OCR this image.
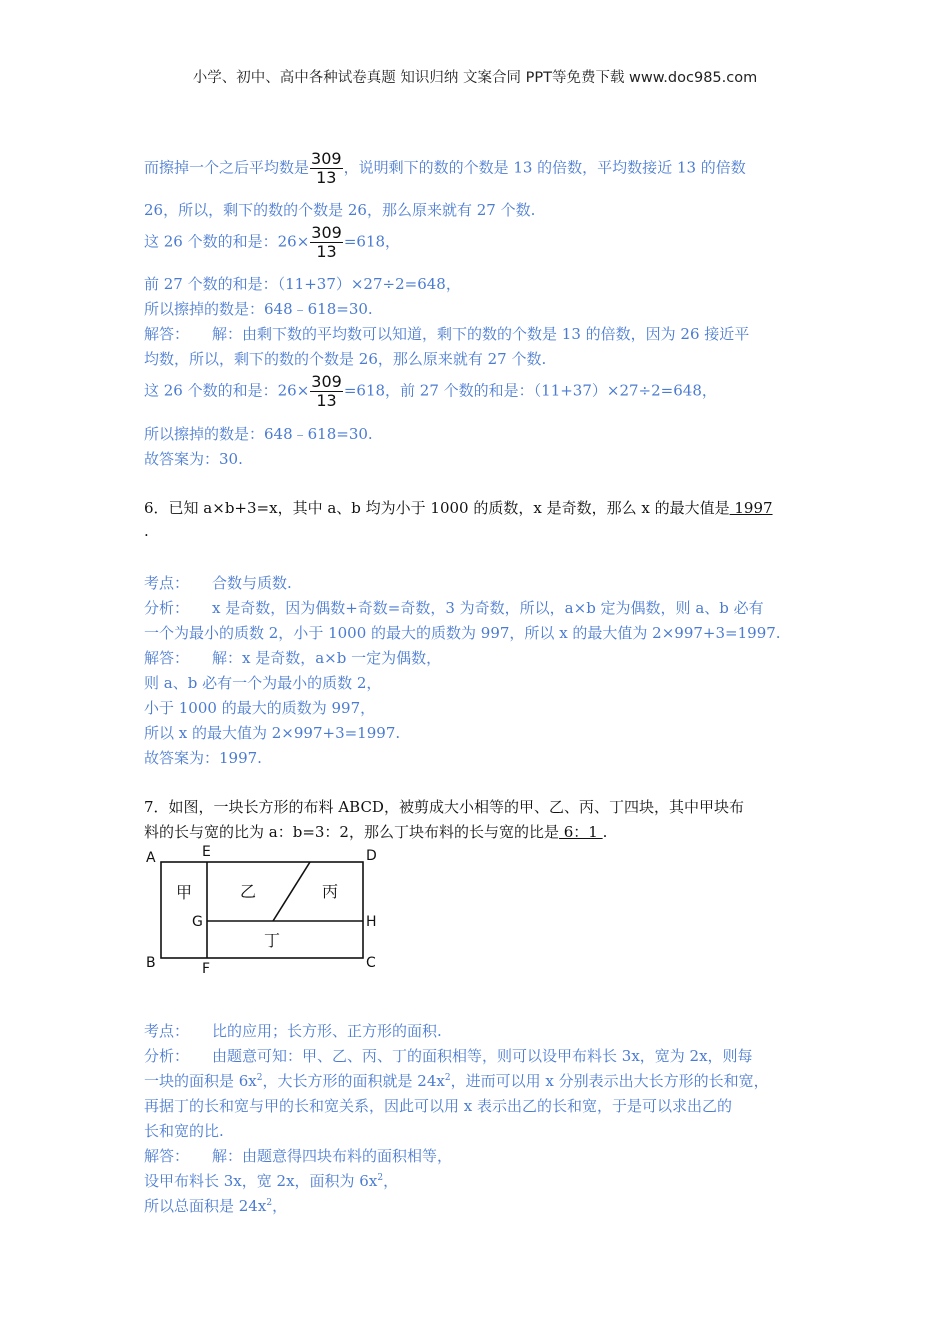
小学、初中、高中各种试卷真题 知识归纳 文案合同 PPT等免费下载 www.doc985.com
而擦掉一个之后平均数是 $\frac{309}{13}$ ，说明剩下的数的个数是 13 的倍数，平均数接近 13 的倍数
26，所以，剩下的数的个数是 26，那么原来就有 27 个数.
这 26 个数的和是：$26\times \frac{309}{13} =618$，
前 27 个数的和是：（11+37）×27÷2=648，
所以擦掉的数是：648﹣618=30.
解答： 解：由剩下数的平均数可以知道，剩下的数的个数是 13 的倍数，因为 26 接近平
均数，所以，剩下的数的个数是 26，那么原来就有 27 个数.
这 26 个数的和是：$26\times \frac{309}{13} =618$，前 27 个数的和是：（11+37）×27÷2=648，
所以擦掉的数是：648﹣618=30.
故答案为：30.
6．已知 a×b+3=x，其中 a、b 均为小于 1000 的质数，x 是奇数，那么 x 的最大值是 1997
.
考点： 合数与质数.
分析： x 是奇数，因为偶数+奇数=奇数，3 为奇数，所以，a×b 定为偶数，则 a、b 必有
一个为最小的质数 2，小于 1000 的最大的质数为 997，所以 x 的最大值为 2×997+3=1997.
解答： 解：x 是奇数，a×b 一定为偶数，
则 a、b 必有一个为最小的质数 2，
小于 1000 的最大的质数为 997，
所以 x 的最大值为 2×997+3=1997.
故答案为：1997.
7．如图，一块长方形的布料 ABCD，被剪成大小相等的甲、乙、丙、丁四块，其中甲块布
料的长与宽的比为 a：b=3：2，那么丁块布料的长与宽的比是 6：1 .
A	E	D
G	H
B	F	C
甲	乙	丙
丁
考点： 比的应用；长方形、正方形的面积.
分析： 由题意可知：甲、乙、丙、丁的面积相等，则可以设甲布料长 3x，宽为 2x，则每
一块的面积是 $6x^2$，大长方形的面积就是 $24x^2$，进而可以用 x 分别表示出大长方形的长和宽，
再据丁的长和宽与甲的长和宽关系，因此可以用 x 表示出乙的长和宽，于是可以求出乙的
长和宽的比.
解答： 解：由题意得四块布料的面积相等，
设甲布料长 3x，宽 2x，面积为 $6x^2$，
所以总面积是 $24x^2$，
